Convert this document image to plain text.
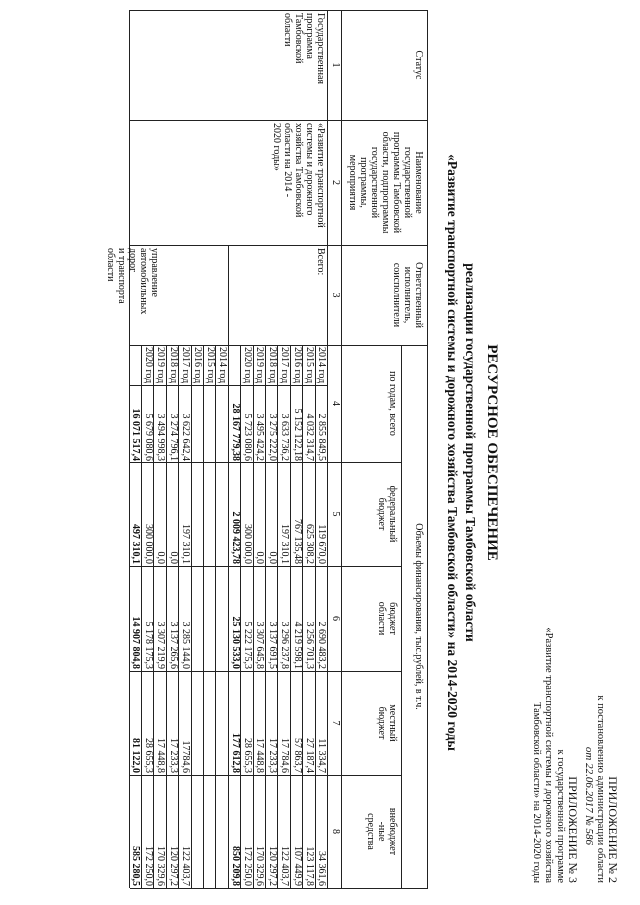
ПРИЛОЖЕНИЕ № 2
к постановлению администрации области
от 22.06.2017 № 586
ПРИЛОЖЕНИЕ № 3
к государственной программе
«Развитие транспортной системы и дорожного хозяйства
Тамбовской области» на 2014-2020 годы
РЕСУРСНОЕ ОБЕСПЕЧЕНИЕ
реализации государственной программы Тамбовской области
«Развитие транспортной системы и дорожного хозяйства Тамбовской области» на 2014-2020 годы
Статус
Наименование
государственной
программы Тамбовской
области, подпрограммы
государственной
программы,
мероприятия
Ответственный
исполнитель,
соисполнители
Объемы финансирования, тыс.рублей, в т.ч.
по годам, всего
федеральный
бюджет
бюджет
области
местный
бюджет
внебюджет
-ные
средства
1
2
3
4
5
6
7
8
Государственная
программа
Тамбовской
области
«Развитие транспортной
системы и дорожного
хозяйства Тамбовской
области на 2014 -
2020 годы»
Всего:
управление
автомобильных
дорог
и транспорта
области
2014 год
2 855 849,5
119 670,0
2 690 483,2
11 334,7
34 361,6
2015 год
4 032 314,7
625 308,2
3 256 701,3
27 187,4
123 117,8
2016 год
5 152 122,18
767 135,48
4 219 598,1
57 863,7
107 449,9
2017 год
3 633 736,2
197 310,1
3 296 237,8
17 784,6
122 403,7
2018 год
3 275 222,0
0,0
3 137 691,5
17 233,3
120 297,2
2019 год
3 495 424,2
0,0
3 307 645,8
17 448,8
170 329,6
2020 год
5 723 080,6
300 000,0
5 222 175,3
28 655,3
172 250,0
28 167 779,38
2 009 423,78
25 130 533,0
177 612,8
850 209,8
2014 год
2015 год
2016 год
2017 год
3 622 642,4
197 310,1
3 285 144,0
17784,6
122 403,7
2018 год
3 274 796,1
0,0
3 137 265,6
17 233,3
120 297,2
2019 год
3 494 998,3
0,0
3 307 219,9
17 448,8
170 329,6
2020 год
5 679 080,6
300 000,0
5 178 175,3
28 655,3
172 250,0
16 071 517,4
497 310,1
14 907 804,8
81 122,0
585 280,5
